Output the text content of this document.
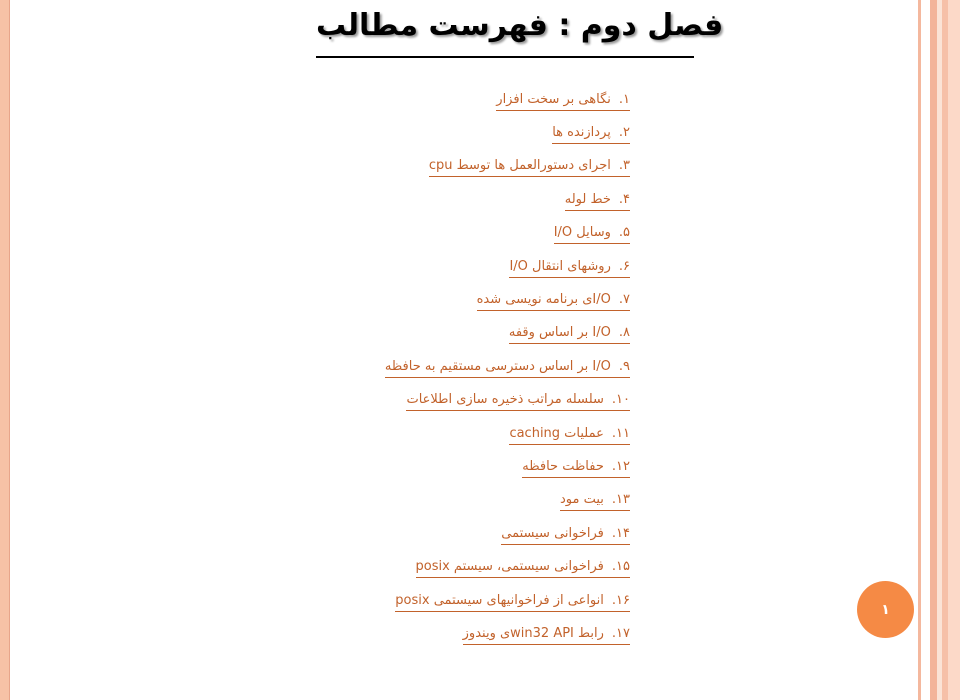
فصل دوم : فهرست مطالب
۱.نگاهی بر سخت افزار
۲.پردازنده ها
۳.اجرای دستورالعمل ها توسط cpu
۴.خط لوله
۵.وسایل I/O
۶.روشهای انتقال I/O
۷.I/Oی برنامه نویسی شده
۸.I/O بر اساس وقفه
۹.I/O بر اساس دسترسی مستقیم به حافظه
۱۰.سلسله مراتب ذخیره سازی اطلاعات
۱۱.عملیات caching
۱۲.حفاظت حافظه
۱۳.بیت مود
۱۴.فراخوانی سیستمی
۱۵.فراخوانی سیستمی، سیستم posix
۱۶.انواعی از فراخوانیهای سیستمی posix
۱۷.رابط win32 APIی ویندوز
۱
